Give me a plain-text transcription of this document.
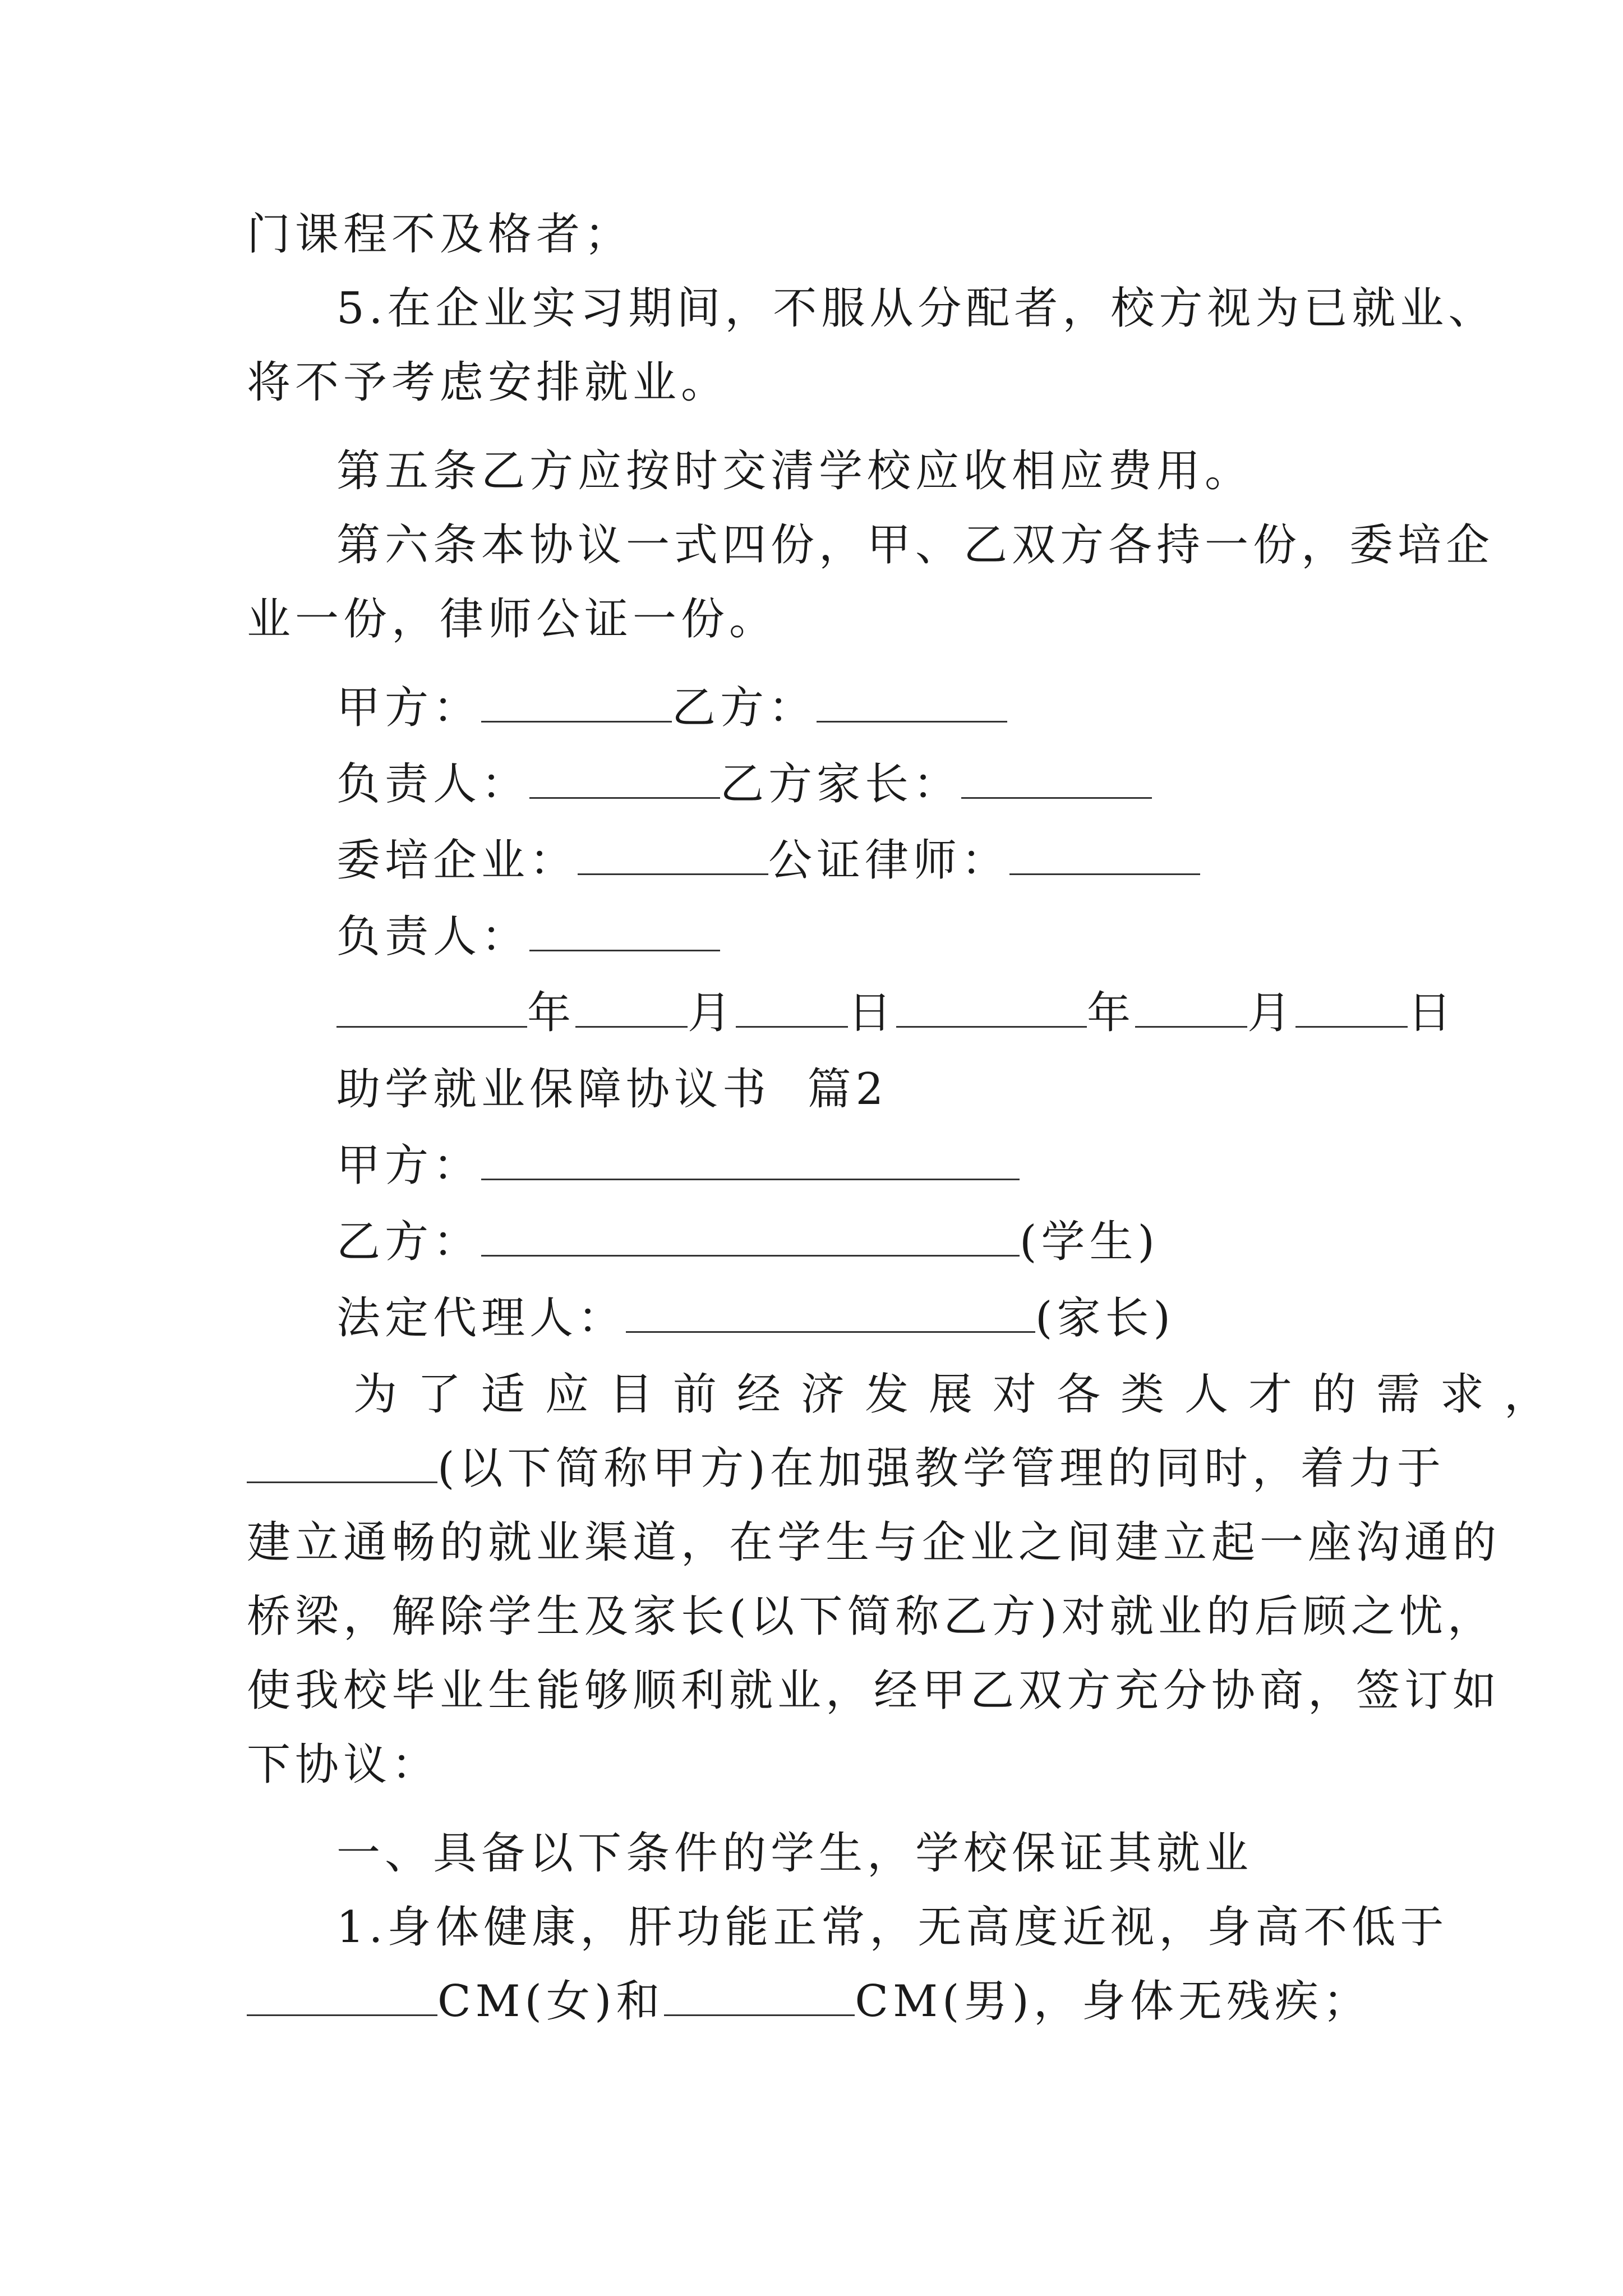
门课程不及格者；
5.在企业实习期间，不服从分配者，校方视为已就业、
将不予考虑安排就业。
第五条乙方应按时交清学校应收相应费用。
第六条本协议一式四份，甲、乙双方各持一份，委培企
业一份，律师公证一份。
甲方：	乙方：
负责人：	乙方家长：
委培企业：	公证律师：
负责人：
年	月	日	年	月	日
助学就业保障协议书  篇2
甲方：
乙方：	(学生)
法定代理人：	(家长)
为了适应目前经济发展对各类人才的需求，
(以下简称甲方)在加强教学管理的同时，着力于
建立通畅的就业渠道，在学生与企业之间建立起一座沟通的
桥梁，解除学生及家长(以下简称乙方)对就业的后顾之忧，
使我校毕业生能够顺利就业，经甲乙双方充分协商，签订如
下协议：
一、具备以下条件的学生，学校保证其就业
1.身体健康，肝功能正常，无高度近视，身高不低于
CM(女)和	CM(男)，身体无残疾；
